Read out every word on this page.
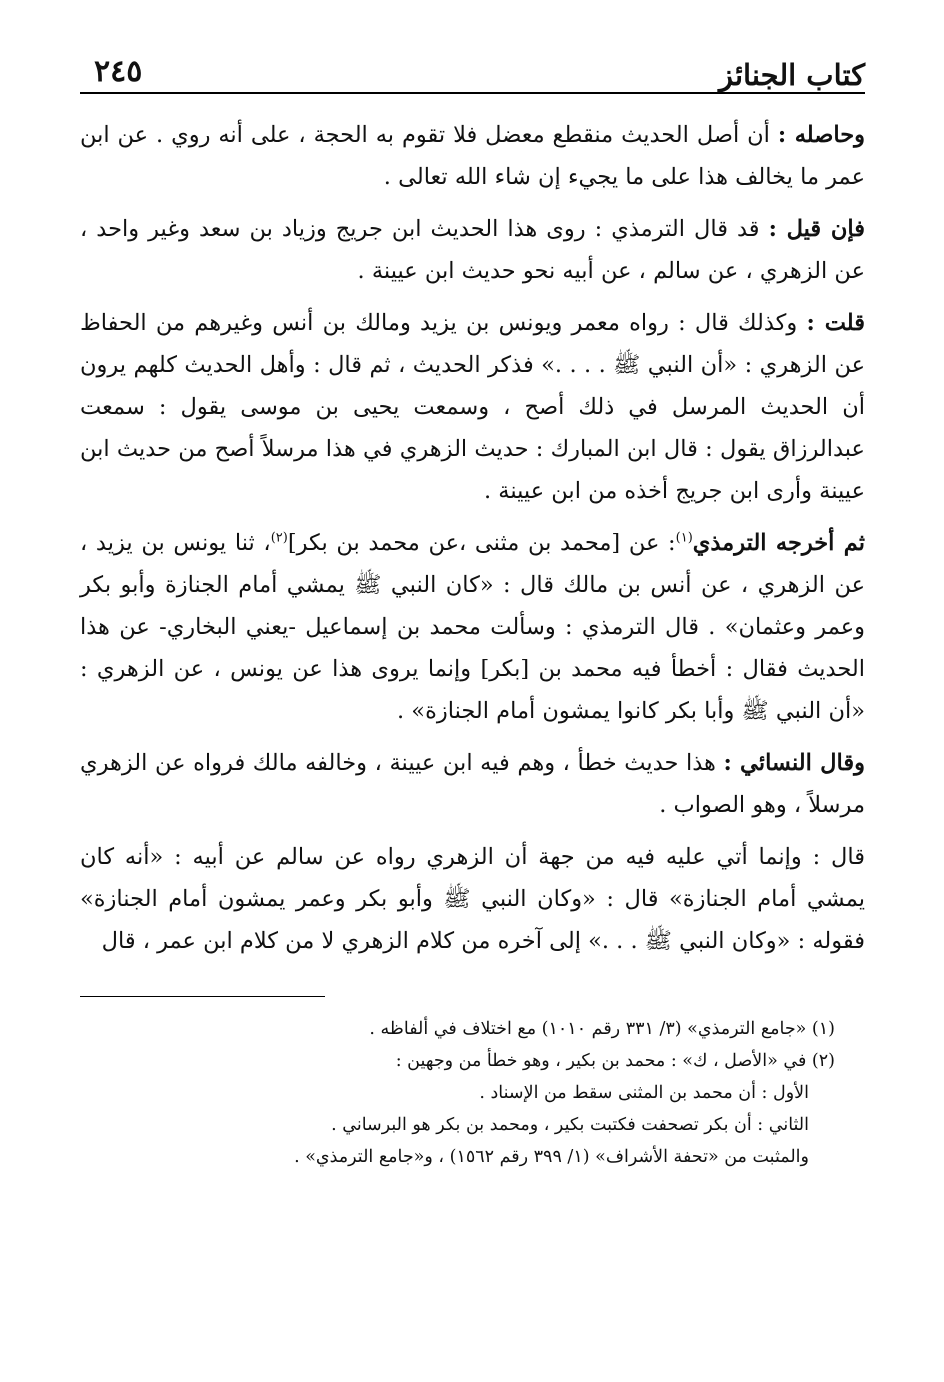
كتاب الجنائز
٢٤٥

وحاصله : أن أصل الحديث منقطع معضل فلا تقوم به الحجة ، على أنه روي . عن ابن عمر ما يخالف هذا على ما يجيء إن شاء الله تعالى .

فإن قيل : قد قال الترمذي : روى هذا الحديث ابن جريج وزياد بن سعد وغير واحد ، عن الزهري ، عن سالم ، عن أبيه نحو حديث ابن عيينة .

قلت : وكذلك قال : رواه معمر ويونس بن يزيد ومالك بن أنس وغيرهم من الحفاظ عن الزهري : «أن النبي ﷺ . . . .» فذكر الحديث ، ثم قال : وأهل الحديث كلهم يرون أن الحديث المرسل في ذلك أصح ، وسمعت يحيى بن موسى يقول : سمعت عبدالرزاق يقول : قال ابن المبارك : حديث الزهري في هذا مرسلاً أصح من حديث ابن عيينة وأرى ابن جريج أخذه من ابن عيينة .

ثم أخرجه الترمذي$^{(١)}$: عن [محمد بن مثنى ،عن محمد بن بكر]$^{(٢)}$، ثنا يونس بن يزيد ، عن الزهري ، عن أنس بن مالك قال : «كان النبي ﷺ يمشي أمام الجنازة وأبو بكر وعمر وعثمان» . قال الترمذي : وسألت محمد بن إسماعيل -يعني البخاري- عن هذا الحديث فقال : أخطأ فيه محمد بن [بكر] وإنما يروى هذا عن يونس ، عن الزهري : «أن النبي ﷺ وأبا بكر كانوا يمشون أمام الجنازة» .

وقال النسائي : هذا حديث خطأ ، وهم فيه ابن عيينة ، وخالفه مالك فرواه عن الزهري مرسلاً ، وهو الصواب .

قال : وإنما أتي عليه فيه من جهة أن الزهري رواه عن سالم عن أبيه : «أنه كان يمشي أمام الجنازة» قال : «وكان النبي ﷺ وأبو بكر وعمر يمشون أمام الجنازة» فقوله : «وكان النبي ﷺ . . .» إلى آخره من كلام الزهري لا من كلام ابن عمر ، قال

(١) «جامع الترمذي» (٣/ ٣٣١ رقم ١٠١٠) مع اختلاف في ألفاظه .
(٢) في «الأصل ، ك» : محمد بن بكير ، وهو خطأ من وجهين :
الأول : أن محمد بن المثنى سقط من الإسناد .
الثاني : أن بكر تصحفت فكتبت بكير ، ومحمد بن بكر هو البرساني .
والمثبت من «تحفة الأشراف» (١/ ٣٩٩ رقم ١٥٦٢) ، و«جامع الترمذي» .
